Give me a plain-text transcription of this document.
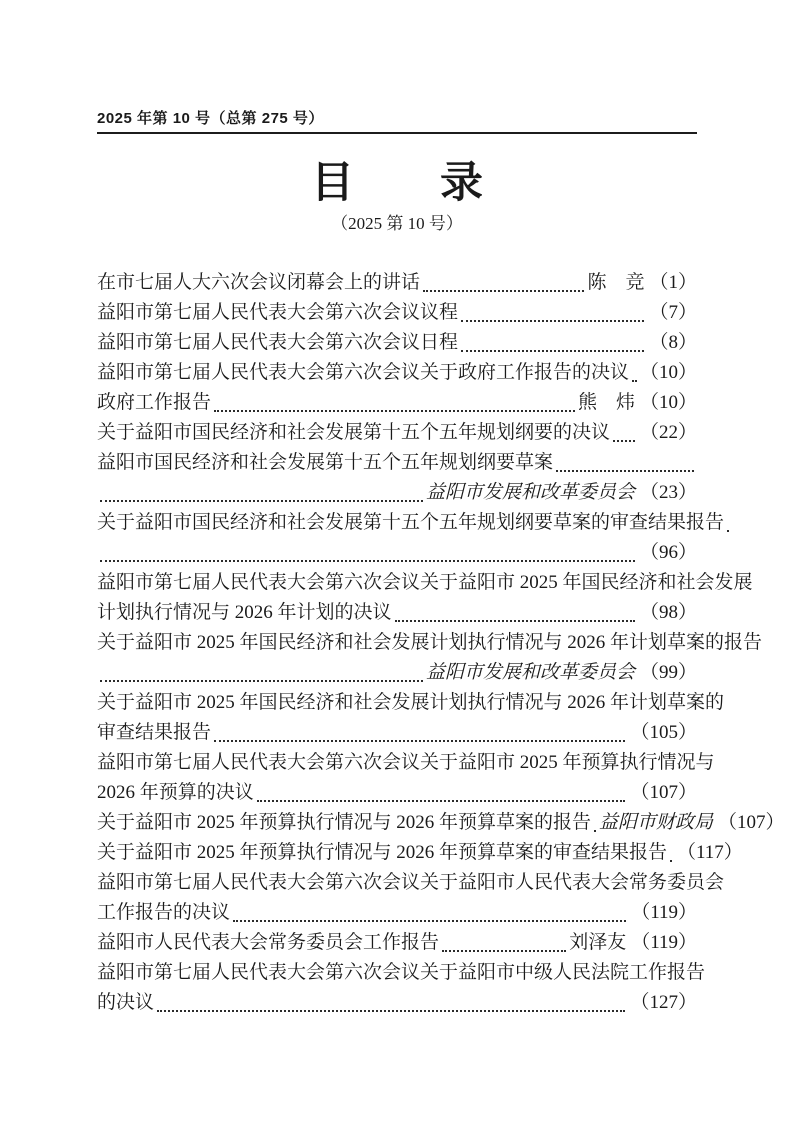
2025 年第 10 号（总第 275 号）
目　　录
（2025 第 10 号）
在市七届人大六次会议闭幕会上的讲话	陈　竞 （1）
益阳市第七届人民代表大会第六次会议议程	（7）
益阳市第七届人民代表大会第六次会议日程	（8）
益阳市第七届人民代表大会第六次会议关于政府工作报告的决议 （10）
政府工作报告	熊　炜 （10）
关于益阳市国民经济和社会发展第十五个五年规划纲要的决议 （22）
益阳市国民经济和社会发展第十五个五年规划纲要草案
益阳市发展和改革委员会 （23）
关于益阳市国民经济和社会发展第十五个五年规划纲要草案的审查结果报告
（96）
益阳市第七届人民代表大会第六次会议关于益阳市 2025 年国民经济和社会发展
计划执行情况与 2026 年计划的决议	（98）
关于益阳市 2025 年国民经济和社会发展计划执行情况与 2026 年计划草案的报告
益阳市发展和改革委员会 （99）
关于益阳市 2025 年国民经济和社会发展计划执行情况与 2026 年计划草案的
审查结果报告	（105）
益阳市第七届人民代表大会第六次会议关于益阳市 2025 年预算执行情况与
2026 年预算的决议	（107）
关于益阳市 2025 年预算执行情况与 2026 年预算草案的报告 益阳市财政局 （107）
关于益阳市 2025 年预算执行情况与 2026 年预算草案的审查结果报告 （117）
益阳市第七届人民代表大会第六次会议关于益阳市人民代表大会常务委员会
工作报告的决议	（119）
益阳市人民代表大会常务委员会工作报告	刘泽友 （119）
益阳市第七届人民代表大会第六次会议关于益阳市中级人民法院工作报告
的决议	（127）
